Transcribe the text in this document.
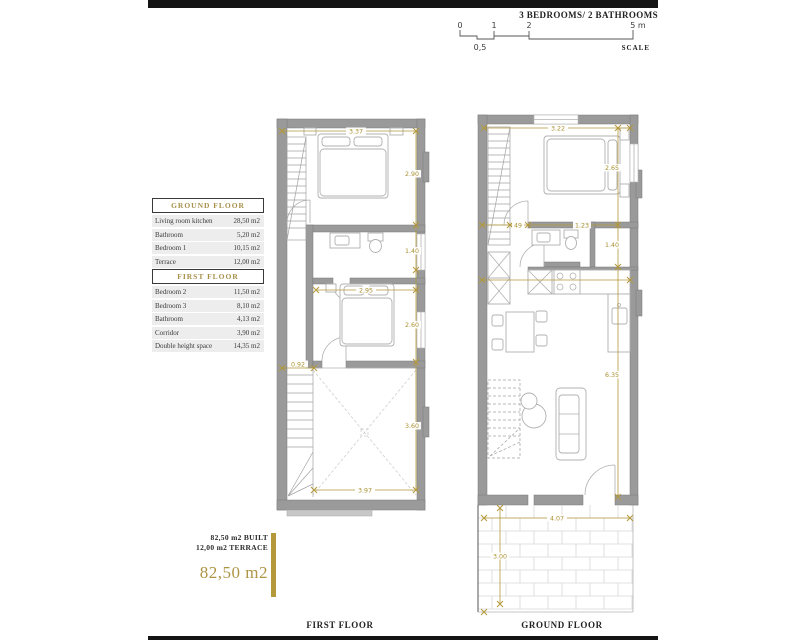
3 BEDROOMS/ 2 BATHROOMS
0	1	2	5 m
0,5	SCALE
GROUND FLOOR
Living room kitchen	28,50 m2
Bathroom	5,20 m2
Bedroom 1	10,15 m2
Terrace	12,00 m2
FIRST FLOOR
Bedroom 2	11,50 m2
Bedroom 3	8,10 m2
Bathroom	4,13 m2
Corridor	3,90 m2
Double height space	14,35 m2
3.37
2.90
1.40
2.95
2.60
0.92
3.60
3.97
3.22
2.65
49	1.23
1.40
6.35
4.07
3.00
82,50 m2 BUILT
12,00 m2 TERRACE
82,50 m2
FIRST FLOOR	GROUND FLOOR
